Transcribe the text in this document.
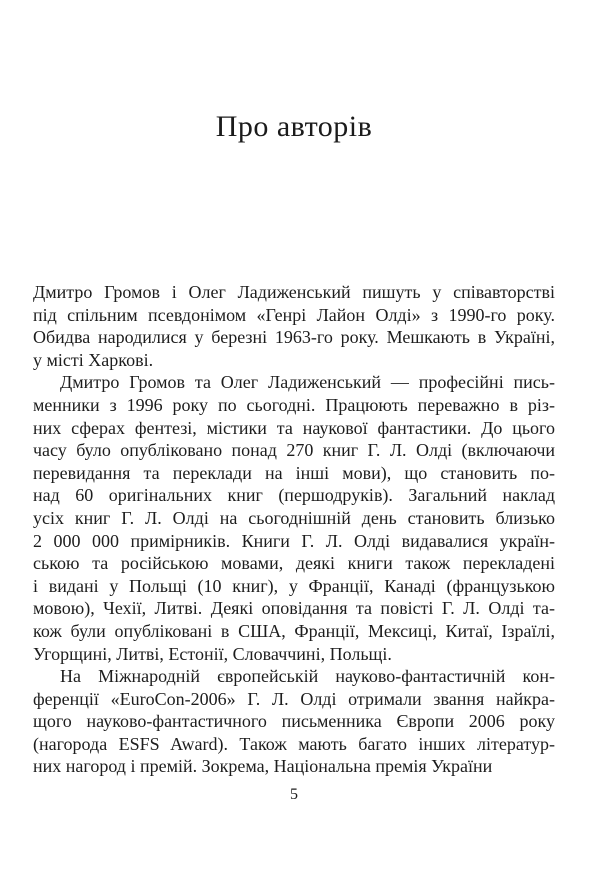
Про авторів

Дмитро Громов і Олег Ладиженський пишуть у співавторстві
під спільним псевдонімом «Генрі Лайон Олді» з 1990-го року.
Обидва народилися у березні 1963-го року. Мешкають в Україні,
у місті Харкові.

Дмитро Громов та Олег Ладиженський — професійні пись-
менники з 1996 року по сьогодні. Працюють переважно в різ-
них сферах фентезі, містики та наукової фантастики. До цього
часу було опубліковано понад 270 книг Г. Л. Олді (включаючи
перевидання та переклади на інші мови), що становить по-
над 60 оригінальних книг (першодруків). Загальний наклад
усіх книг Г. Л. Олді на сьогоднішній день становить близько
2 000 000 примірників. Книги Г. Л. Олді видавалися україн-
ською та російською мовами, деякі книги також перекладені
і видані у Польщі (10 книг), у Франції, Канаді (французькою
мовою), Чехії, Литві. Деякі оповідання та повісті Г. Л. Олді та-
кож були опубліковані в США, Франції, Мексиці, Китаї, Ізраїлі,
Угорщині, Литві, Естонії, Словаччині, Польщі.

На Міжнародній європейській науково-фантастичній кон-
ференції «EuroCon-2006» Г. Л. Олді отримали звання найкра-
щого науково-фантастичного письменника Європи 2006 року
(нагорода ESFS Award). Також мають багато інших літератур-
них нагород і премій. Зокрема, Національна премія України

5
